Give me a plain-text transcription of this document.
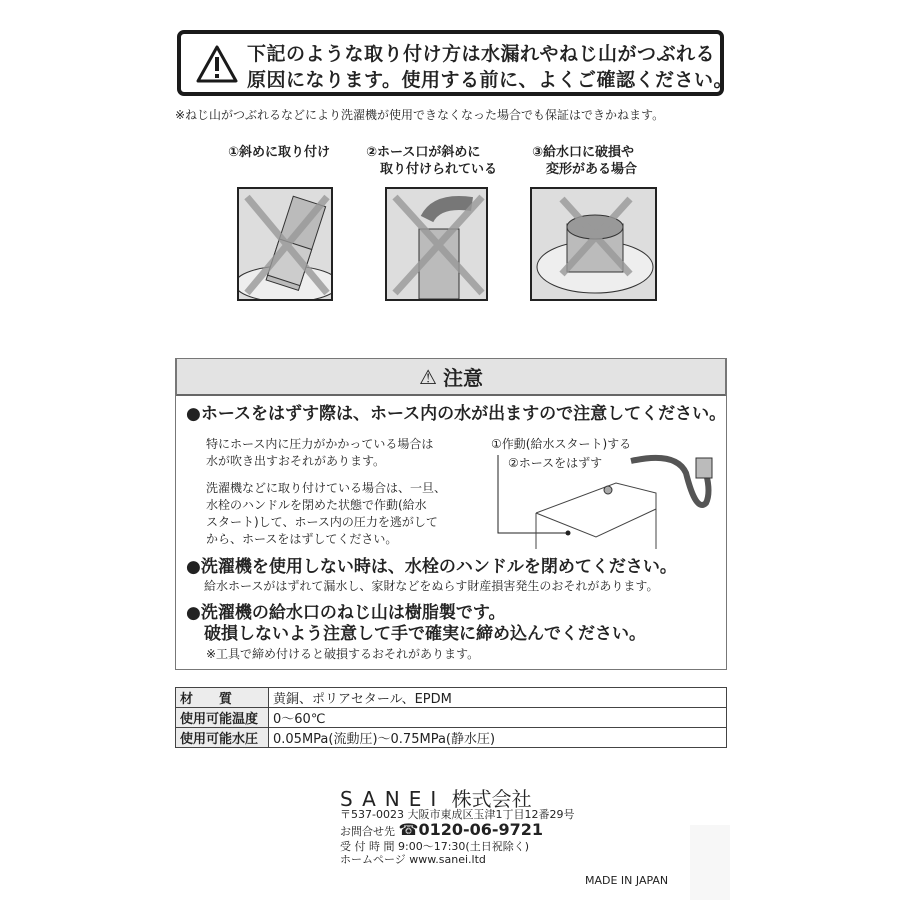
下記のような取り付け方は水漏れやねじ山がつぶれる
原因になります。使用する前に、よくご確認ください。
※ねじ山がつぶれるなどにより洗濯機が使用できなくなった場合でも保証はできかねます。
①斜めに取り付け	②ホース口が斜めに
取り付けられている
③給水口に破損や
変形がある場合
⚠ 注意
●ホースをはずす際は、ホース内の水が出ますので注意してください。
特にホース内に圧力がかかっている場合は
水が吹き出すおそれがあります。
洗濯機などに取り付けている場合は、一旦、
水栓のハンドルを閉めた状態で作動(給水
スタート)して、ホース内の圧力を逃がして
から、ホースをはずしてください。
①作動(給水スタート)する
②ホースをはずす
●洗濯機を使用しない時は、水栓のハンドルを閉めてください。
給水ホースがはずれて漏水し、家財などをぬらす財産損害発生のおそれがあります。
●洗濯機の給水口のねじ山は樹脂製です。
破損しないよう注意して手で確実に締め込んでください。
※工具で締め付けると破損するおそれがあります。
材　　質	黄銅、ポリアセタール、EPDM
使用可能温度	0〜60℃
使用可能水圧	0.05MPa(流動圧)〜0.75MPa(静水圧)
SANEI 株式会社
〒537-0023 大阪市東成区玉津1丁目12番29号
お問合せ先 ☎0120-06-9721
受 付 時 間 9:00〜17:30(土日祝除く)
ホームページ www.sanei.ltd
MADE IN JAPAN
